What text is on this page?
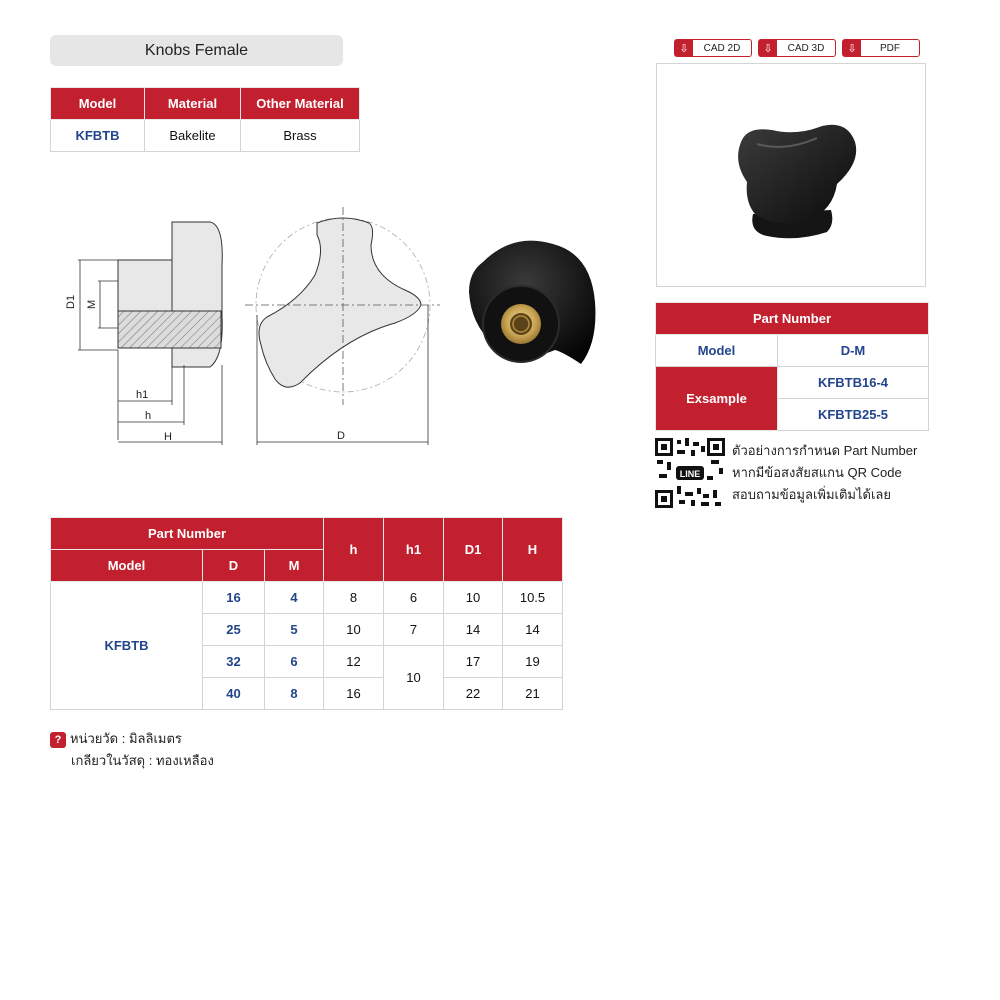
Knobs Female	⇩	CAD 2D	⇩	CAD 3D	⇩	PDF
Model	Material	Other Material
KFBTB	Bakelite	Brass
D1 M
h1
h
H	D
Part Number	
Model	D-M
Exsample	KFBTB16-4
	KFBTB25-5
LINE
ตัวอย่างการกำหนด Part Number
หากมีข้อสงสัยสแกน QR Code
สอบถามข้อมูลเพิ่มเติมได้เลย
Part Number			h	h1	D1	H
Model	D	M				
KFBTB	16	4	8	6	10	10.5
	25	5	10	7	14	14
	32	6	12	10	17	19
	40	8	16		22	21
? หน่วยวัด : มิลลิเมตร
เกลียวในวัสดุ : ทองเหลือง
